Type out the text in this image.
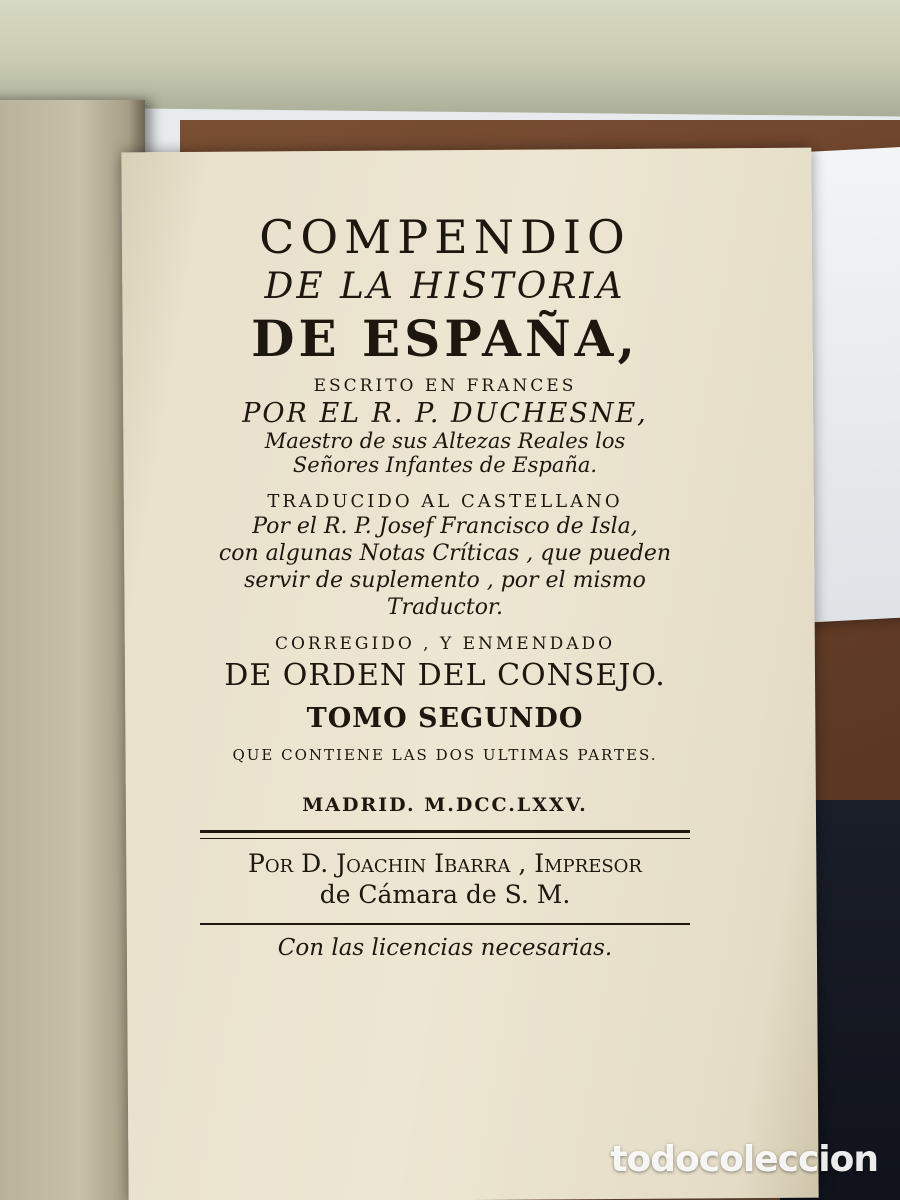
COMPENDIO
DE LA HISTORIA
DE ESPAÑA,
ESCRITO EN FRANCES
POR EL R. P. DUCHESNE,
Maestro de sus Altezas Reales los
Señores Infantes de España.
TRADUCIDO AL CASTELLANO
Por el R. P. Josef Francisco de Isla,
con algunas Notas Críticas , que pueden
servir de suplemento , por el mismo
Traductor.
CORREGIDO , Y ENMENDADO
DE ORDEN DEL CONSEJO.
TOMO SEGUNDO
QUE CONTIENE LAS DOS ULTIMAS PARTES.
MADRID. M.DCC.LXXV.
Por D. Joachin Ibarra , Impresor
de Cámara de S. M.
Con las licencias necesarias.
todocoleccion
